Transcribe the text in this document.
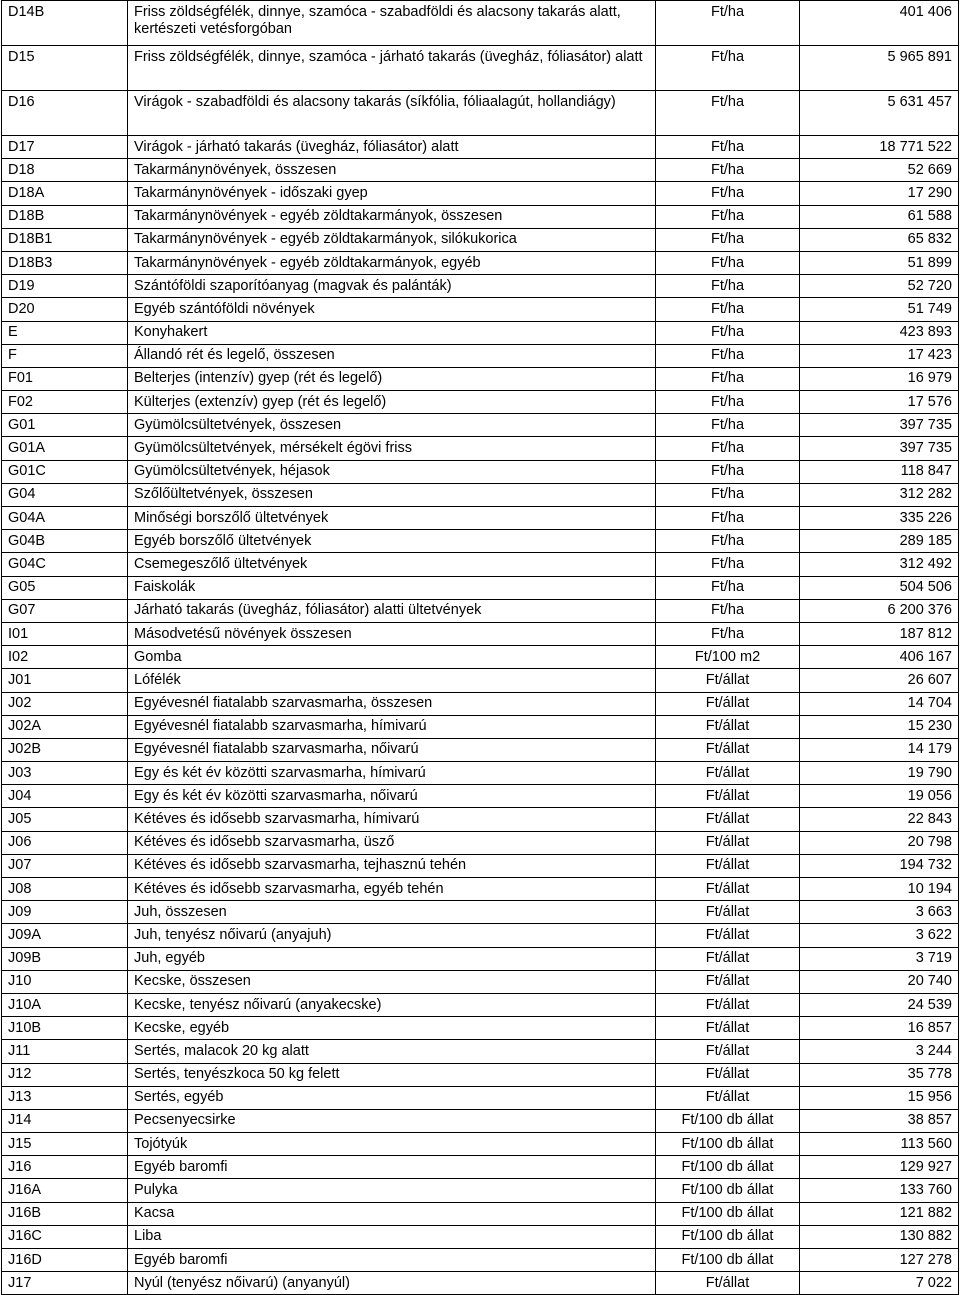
D14B	Friss zöldségfélék, dinnye, szamóca - szabadföldi és alacsony takarás alatt, kertészeti vetésforgóban	Ft/ha	401 406
D15	Friss zöldségfélék, dinnye, szamóca - járható takarás (üvegház, fóliasátor) alatt	Ft/ha	5 965 891
D16	Virágok - szabadföldi és alacsony takarás (síkfólia, fóliaalagút, hollandiágy)	Ft/ha	5 631 457
D17	Virágok - járható takarás (üvegház, fóliasátor) alatt	Ft/ha	18 771 522
D18	Takarmánynövények, összesen	Ft/ha	52 669
D18A	Takarmánynövények - időszaki gyep	Ft/ha	17 290
D18B	Takarmánynövények - egyéb zöldtakarmányok, összesen	Ft/ha	61 588
D18B1	Takarmánynövények - egyéb zöldtakarmányok, silókukorica	Ft/ha	65 832
D18B3	Takarmánynövények - egyéb zöldtakarmányok, egyéb	Ft/ha	51 899
D19	Szántóföldi szaporítóanyag (magvak és palánták)	Ft/ha	52 720
D20	Egyéb szántóföldi növények	Ft/ha	51 749
E	Konyhakert	Ft/ha	423 893
F	Állandó rét és legelő, összesen	Ft/ha	17 423
F01	Belterjes (intenzív) gyep (rét és legelő)	Ft/ha	16 979
F02	Külterjes (extenzív) gyep (rét és legelő)	Ft/ha	17 576
G01	Gyümölcsültetvények, összesen	Ft/ha	397 735
G01A	Gyümölcsültetvények, mérsékelt égövi friss	Ft/ha	397 735
G01C	Gyümölcsültetvények, héjasok	Ft/ha	118 847
G04	Szőlőültetvények, összesen	Ft/ha	312 282
G04A	Minőségi borszőlő ültetvények	Ft/ha	335 226
G04B	Egyéb borszőlő ültetvények	Ft/ha	289 185
G04C	Csemegeszőlő ültetvények	Ft/ha	312 492
G05	Faiskolák	Ft/ha	504 506
G07	Járható takarás (üvegház, fóliasátor) alatti ültetvények	Ft/ha	6 200 376
I01	Másodvetésű növények összesen	Ft/ha	187 812
I02	Gomba	Ft/100 m2	406 167
J01	Lófélék	Ft/állat	26 607
J02	Egyévesnél fiatalabb szarvasmarha, összesen	Ft/állat	14 704
J02A	Egyévesnél fiatalabb szarvasmarha, hímivarú	Ft/állat	15 230
J02B	Egyévesnél fiatalabb szarvasmarha, nőivarú	Ft/állat	14 179
J03	Egy és két év közötti szarvasmarha, hímivarú	Ft/állat	19 790
J04	Egy és két év közötti szarvasmarha, nőivarú	Ft/állat	19 056
J05	Kétéves és idősebb szarvasmarha, hímivarú	Ft/állat	22 843
J06	Kétéves és idősebb szarvasmarha, üsző	Ft/állat	20 798
J07	Kétéves és idősebb szarvasmarha, tejhasznú tehén	Ft/állat	194 732
J08	Kétéves és idősebb szarvasmarha, egyéb tehén	Ft/állat	10 194
J09	Juh, összesen	Ft/állat	3 663
J09A	Juh, tenyész nőivarú (anyajuh)	Ft/állat	3 622
J09B	Juh, egyéb	Ft/állat	3 719
J10	Kecske, összesen	Ft/állat	20 740
J10A	Kecske, tenyész nőivarú (anyakecske)	Ft/állat	24 539
J10B	Kecske, egyéb	Ft/állat	16 857
J11	Sertés, malacok 20 kg alatt	Ft/állat	3 244
J12	Sertés, tenyészkoca 50 kg felett	Ft/állat	35 778
J13	Sertés, egyéb	Ft/állat	15 956
J14	Pecsenyecsirke	Ft/100 db állat	38 857
J15	Tojótyúk	Ft/100 db állat	113 560
J16	Egyéb baromfi	Ft/100 db állat	129 927
J16A	Pulyka	Ft/100 db állat	133 760
J16B	Kacsa	Ft/100 db állat	121 882
J16C	Liba	Ft/100 db állat	130 882
J16D	Egyéb baromfi	Ft/100 db állat	127 278
J17	Nyúl (tenyész nőivarú) (anyanyúl)	Ft/állat	7 022
